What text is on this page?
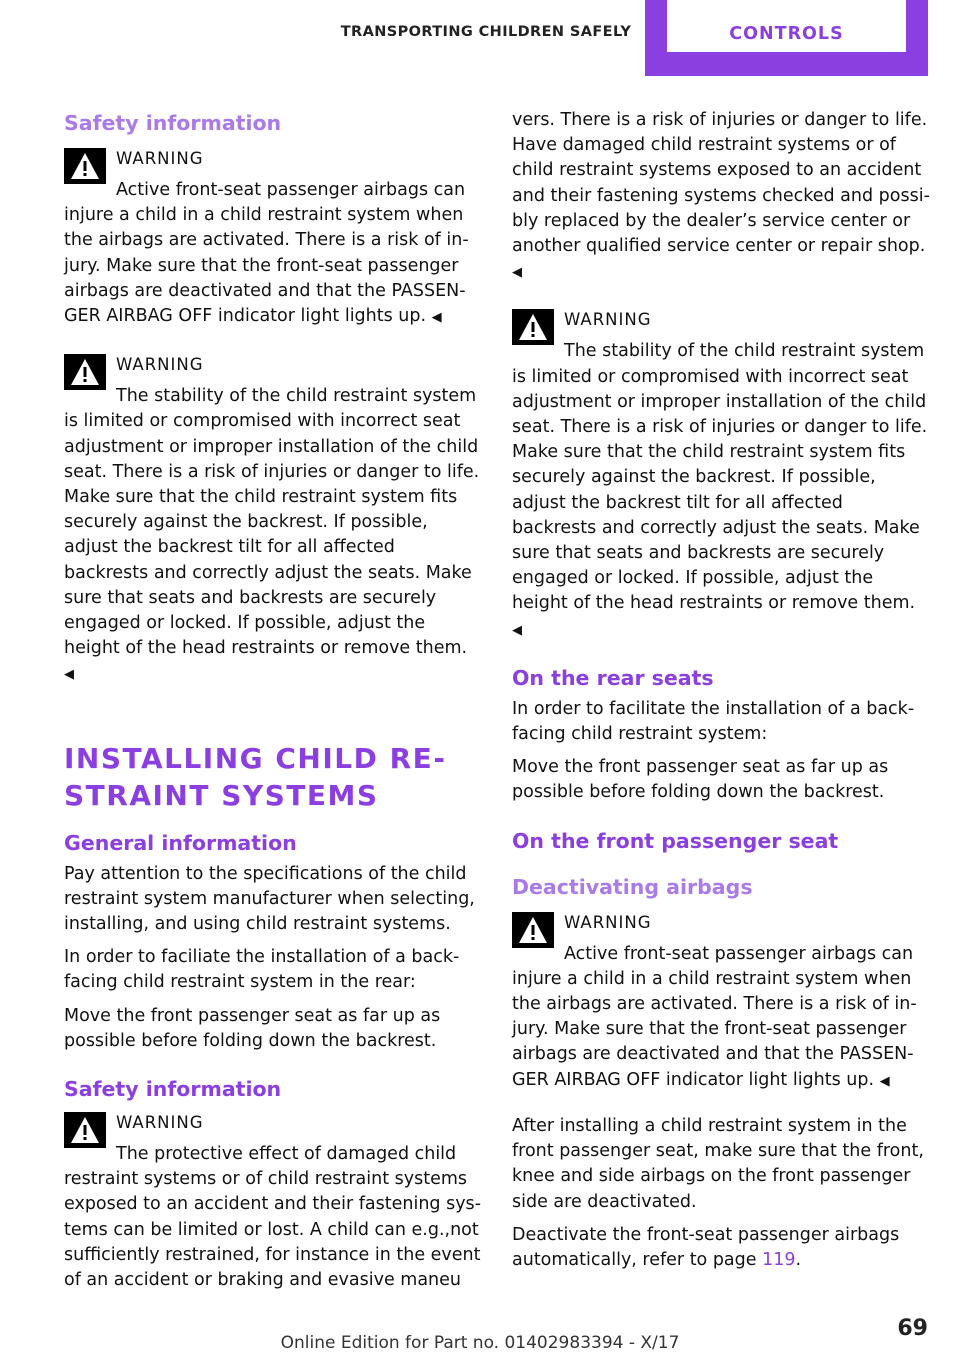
TRANSPORTING CHILDREN SAFELY	CONTROLS
Safety information
WARNING
Active front-seat passenger airbags can injure a child in a child restraint system when the airbags are activated. There is a risk of injury. Make sure that the front-seat passenger airbags are deactivated and that the PASSENGER AIRBAG OFF indicator light lights up. ◀
WARNING
The stability of the child restraint system is limited or compromised with incorrect seat adjustment or improper installation of the child seat. There is a risk of injuries or danger to life. Make sure that the child restraint system fits securely against the backrest. If possible, adjust the backrest tilt for all affected backrests and correctly adjust the seats. Make sure that seats and backrests are securely engaged or locked. If possible, adjust the height of the head restraints or remove them. ◀
INSTALLING CHILD RESTRAINT SYSTEMS
General information

Pay attention to the specifications of the child restraint system manufacturer when selecting, installing, and using child restraint systems.

In order to faciliate the installation of a backfacing child restraint system in the rear:

Move the front passenger seat as far up as possible before folding down the backrest.

Safety information
WARNING
The protective effect of damaged child restraint systems or of child restraint systems exposed to an accident and their fastening systems can be limited or lost. A child can e.g.,not sufficiently restrained, for instance in the event of an accident or braking and evasive maneu

vers. There is a risk of injuries or danger to life. Have damaged child restraint systems or of child restraint systems exposed to an accident and their fastening systems checked and possibly replaced by the dealer’s service center or another qualified service center or repair shop. ◀

WARNING
The stability of the child restraint system is limited or compromised with incorrect seat adjustment or improper installation of the child seat. There is a risk of injuries or danger to life. Make sure that the child restraint system fits securely against the backrest. If possible, adjust the backrest tilt for all affected backrests and correctly adjust the seats. Make sure that seats and backrests are securely engaged or locked. If possible, adjust the height of the head restraints or remove them. ◀
On the rear seats

In order to facilitate the installation of a backfacing child restraint system:

Move the front passenger seat as far up as possible before folding down the backrest.

On the front passenger seat
Deactivating airbags
WARNING
Active front-seat passenger airbags can injure a child in a child restraint system when the airbags are activated. There is a risk of injury. Make sure that the front-seat passenger airbags are deactivated and that the PASSENGER AIRBAG OFF indicator light lights up. ◀

After installing a child restraint system in the front passenger seat, make sure that the front, knee and side airbags on the front passenger side are deactivated.

Deactivate the front-seat passenger airbags automatically, refer to page 119.

69
Online Edition for Part no. 01402983394 - X/17
